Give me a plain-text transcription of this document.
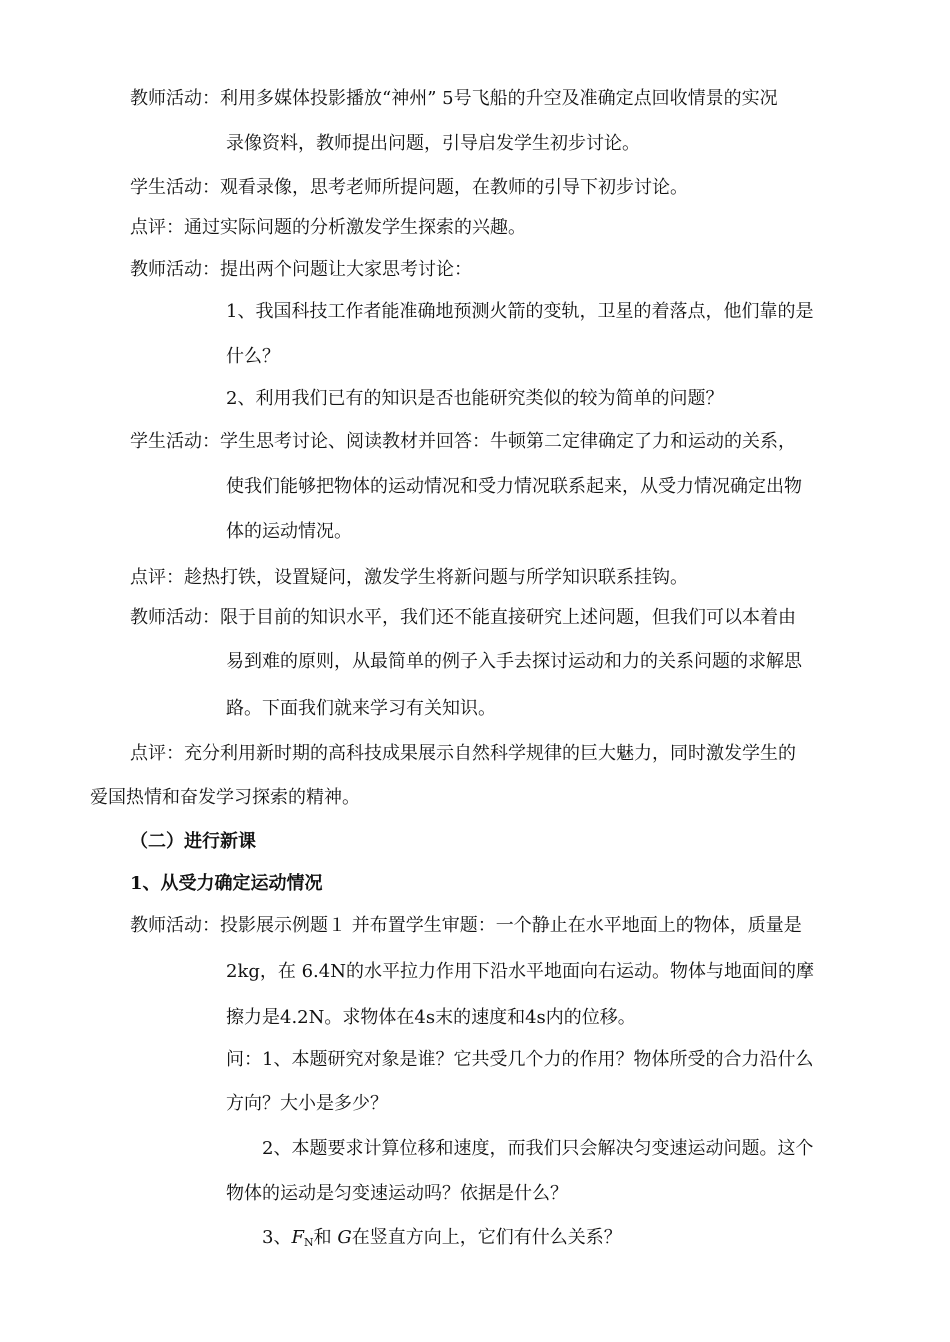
教师活动：利用多媒体投影播放“神州” 5号飞船的升空及准确定点回收情景的实况
录像资料，教师提出问题，引导启发学生初步讨论。
学生活动：观看录像，思考老师所提问题，在教师的引导下初步讨论。
点评：通过实际问题的分析激发学生探索的兴趣。
教师活动：提出两个问题让大家思考讨论：
1、我国科技工作者能准确地预测火箭的变轨，卫星的着落点，他们靠的是
什么？
2、利用我们已有的知识是否也能研究类似的较为简单的问题？
学生活动：学生思考讨论、阅读教材并回答：牛顿第二定律确定了力和运动的关系，
使我们能够把物体的运动情况和受力情况联系起来，从受力情况确定出物
体的运动情况。
点评：趁热打铁，设置疑问，激发学生将新问题与所学知识联系挂钩。
教师活动：限于目前的知识水平，我们还不能直接研究上述问题，但我们可以本着由
易到难的原则，从最简单的例子入手去探讨运动和力的关系问题的求解思
路。下面我们就来学习有关知识。
点评：充分利用新时期的高科技成果展示自然科学规律的巨大魅力，同时激发学生的
爱国热情和奋发学习探索的精神。
（二）进行新课
1、从受力确定运动情况
教师活动：投影展示例题１ 并布置学生审题：一个静止在水平地面上的物体，质量是
2kg，在 6.4N的水平拉力作用下沿水平地面向右运动。物体与地面间的摩
擦力是4.2N。求物体在4s末的速度和4s内的位移。
问：1、本题研究对象是谁？它共受几个力的作用？物体所受的合力沿什么
方向？大小是多少？
2、本题要求计算位移和速度，而我们只会解决匀变速运动问题。这个
物体的运动是匀变速运动吗？依据是什么？
3、$F_N$和 G在竖直方向上，它们有什么关系？
